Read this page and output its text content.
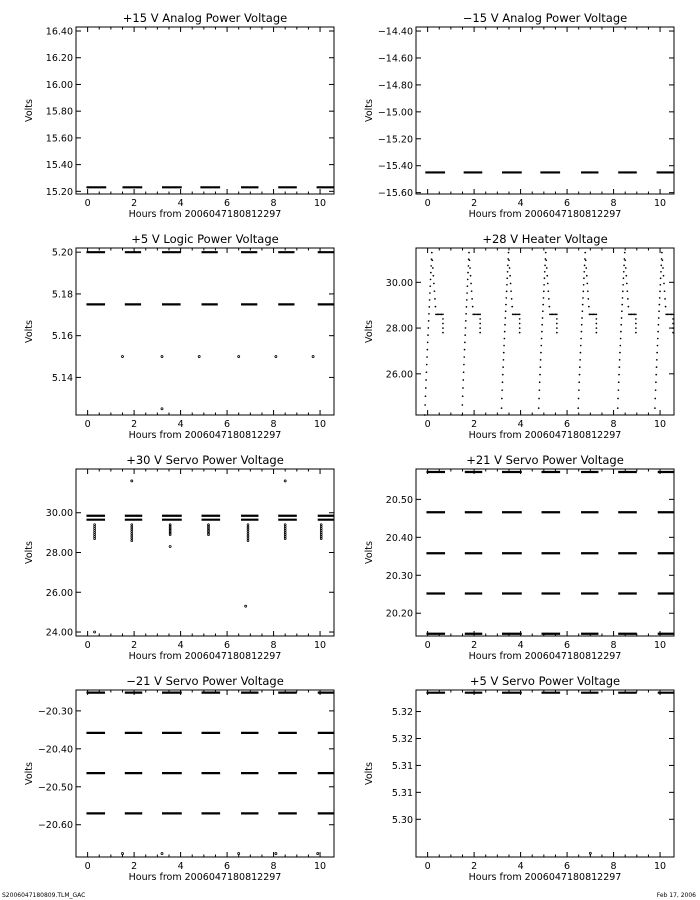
+15 V Analog Power Voltage
0	2	4	6	8	10
Hours from 2006047180812297
15.20
15.40
15.60
15.80
16.00
16.20
16.40
Volts
−15 V Analog Power Voltage
0	2	4	6	8	10
Hours from 2006047180812297
−15.60
−15.40
−15.20
−15.00
−14.80
−14.60
−14.40
Volts
+5 V Logic Power Voltage
0	2	4	6	8	10
Hours from 2006047180812297
5.14
5.16
5.18
5.20
Volts
+28 V Heater Voltage
0	2	4	6	8	10
Hours from 2006047180812297
26.00
28.00
30.00
Volts
+30 V Servo Power Voltage
0	2	4	6	8	10
Hours from 2006047180812297
24.00
26.00
28.00
30.00
Volts
+21 V Servo Power Voltage
0	2	4	6	8	10
Hours from 2006047180812297
20.20
20.30
20.40
20.50
Volts
−21 V Servo Power Voltage
0	2	4	6	8	10
Hours from 2006047180812297
−20.60
−20.50
−20.40
−20.30
Volts
+5 V Servo Power Voltage
0	2	4	6	8	10
Hours from 2006047180812297
5.30
5.31
5.31
5.32
5.32
Volts
S2006047180809.TLM_GAC	Feb 17, 2006
